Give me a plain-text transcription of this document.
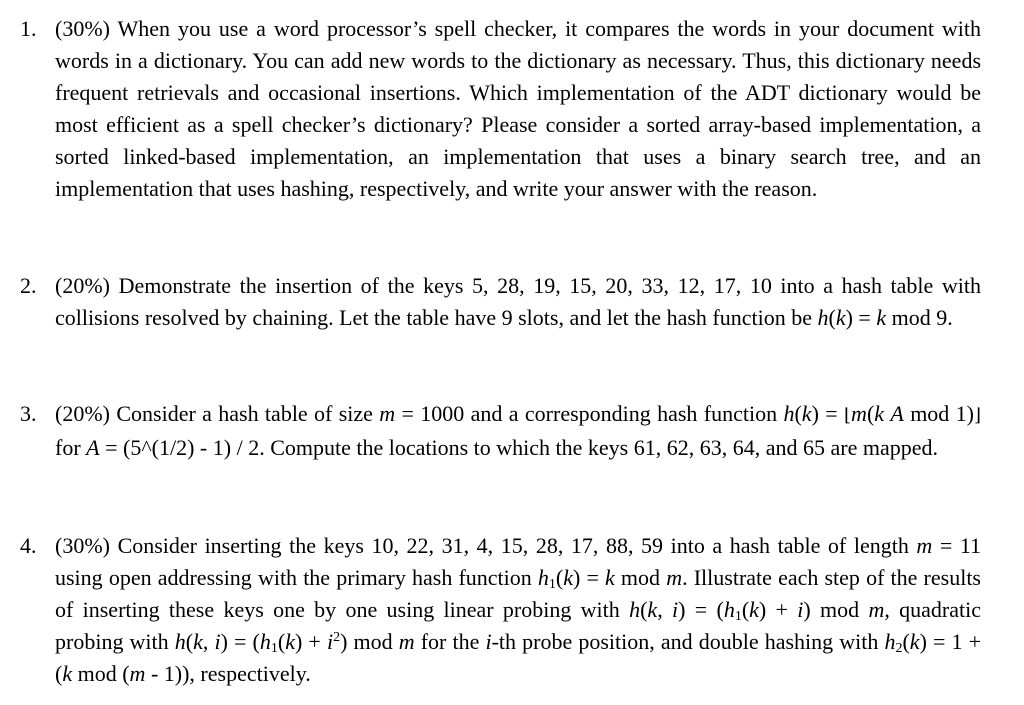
1. (30%) When you use a word processor’s spell checker, it compares the words in your document with words in a dictionary. You can add new words to the dictionary as necessary. Thus, this dictionary needs frequent retrievals and occasional insertions. Which implementation of the ADT dictionary would be most efficient as a spell checker’s dictionary? Please consider a sorted array-based implementation, a sorted linked-based implementation, an implementation that uses a binary search tree, and an implementation that uses hashing, respectively, and write your answer with the reason.
2. (20%) Demonstrate the insertion of the keys 5, 28, 19, 15, 20, 33, 12, 17, 10 into a hash table with collisions resolved by chaining. Let the table have 9 slots, and let the hash function be h(k) = k mod 9.
3. (20%) Consider a hash table of size m = 1000 and a corresponding hash function h(k) = ⌊m(k A mod 1)⌋ for A = (5^(1/2) - 1) / 2. Compute the locations to which the keys 61, 62, 63, 64, and 65 are mapped.
4. (30%) Consider inserting the keys 10, 22, 31, 4, 15, 28, 17, 88, 59 into a hash table of length m = 11 using open addressing with the primary hash function $h_1(k) = k$ mod m. Illustrate each step of the results of inserting these keys one by one using linear probing with h(k, $i) = (h_1(k) + i)$ mod m, quadratic probing with h(k, $i) = (h_1(k) + i^2)$ mod m for the i-th probe position, and double hashing with $h_2(k) = 1 + (k$ mod (m - 1)), respectively.
